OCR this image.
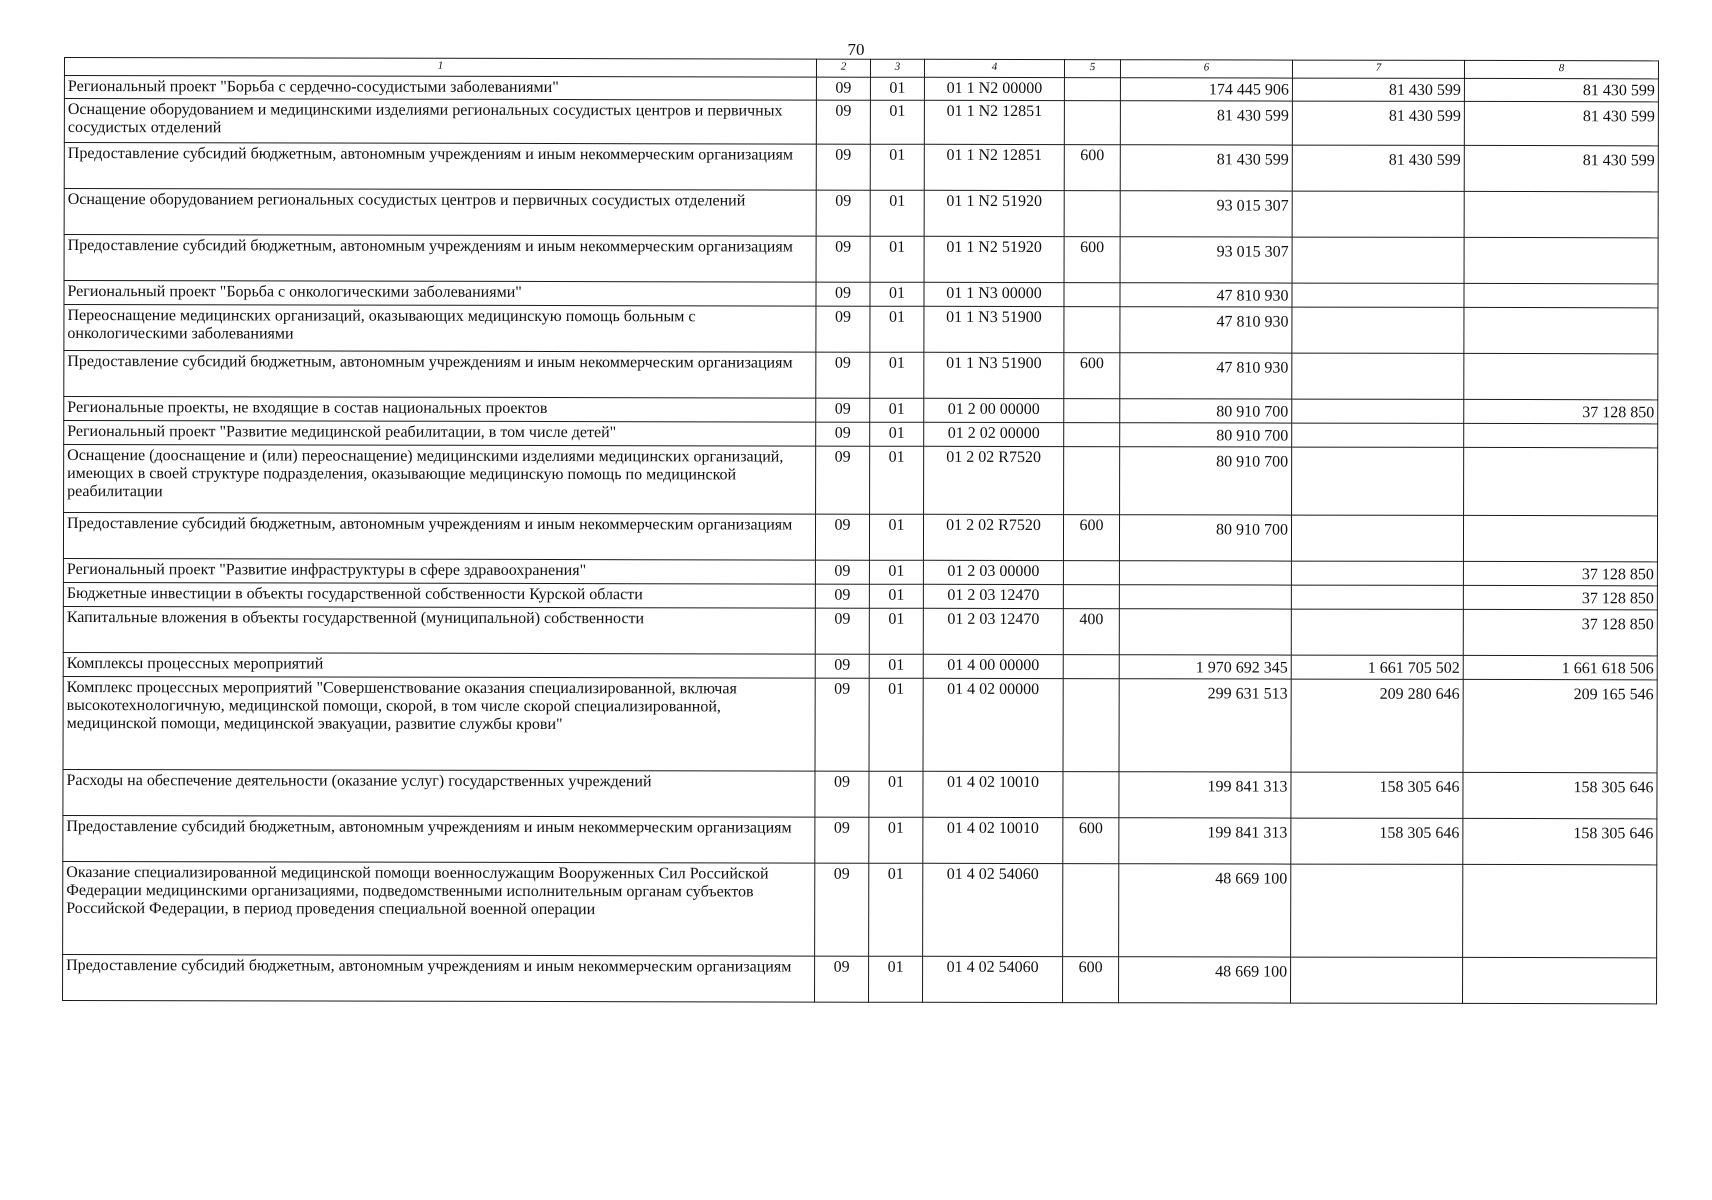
70
1	2	3	4	5	6	7	8
Региональный проект "Борьба с сердечно-сосудистыми заболеваниями"	09	01	01 1 N2 00000		174 445 906	81 430 599	81 430 599
Оснащение оборудованием и медицинскими изделиями региональных сосудистых центров и первичных сосудистых отделений	09	01	01 1 N2 12851		81 430 599	81 430 599	81 430 599
Предоставление субсидий бюджетным, автономным учреждениям и иным некоммерческим организациям	09	01	01 1 N2 12851	600	81 430 599	81 430 599	81 430 599
Оснащение оборудованием региональных сосудистых центров и первичных сосудистых отделений	09	01	01 1 N2 51920		93 015 307		
Предоставление субсидий бюджетным, автономным учреждениям и иным некоммерческим организациям	09	01	01 1 N2 51920	600	93 015 307		
Региональный проект "Борьба с онкологическими заболеваниями"	09	01	01 1 N3 00000		47 810 930		
Переоснащение медицинских организаций, оказывающих медицинскую помощь больным с онкологическими заболеваниями	09	01	01 1 N3 51900		47 810 930		
Предоставление субсидий бюджетным, автономным учреждениям и иным некоммерческим организациям	09	01	01 1 N3 51900	600	47 810 930		
Региональные проекты, не входящие в состав национальных проектов	09	01	01 2 00 00000		80 910 700		37 128 850
Региональный проект "Развитие медицинской реабилитации, в том числе детей"	09	01	01 2 02 00000		80 910 700		
Оснащение (дооснащение и (или) переоснащение) медицинскими изделиями медицинских организаций, имеющих в своей структуре подразделения, оказывающие медицинскую помощь по медицинской реабилитации	09	01	01 2 02 R7520		80 910 700		
Предоставление субсидий бюджетным, автономным учреждениям и иным некоммерческим организациям	09	01	01 2 02 R7520	600	80 910 700		
Региональный проект "Развитие инфраструктуры в сфере здравоохранения"	09	01	01 2 03 00000				37 128 850
Бюджетные инвестиции в объекты государственной собственности Курской области	09	01	01 2 03 12470				37 128 850
Капитальные вложения в объекты государственной (муниципальной) собственности	09	01	01 2 03 12470	400			37 128 850
Комплексы процессных мероприятий	09	01	01 4 00 00000		1 970 692 345	1 661 705 502	1 661 618 506
Комплекс процессных мероприятий "Совершенствование оказания специализированной, включая высокотехнологичную, медицинской помощи, скорой, в том числе скорой специализированной, медицинской помощи, медицинской эвакуации, развитие службы крови"	09	01	01 4 02 00000		299 631 513	209 280 646	209 165 546
Расходы на обеспечение деятельности (оказание услуг) государственных учреждений	09	01	01 4 02 10010		199 841 313	158 305 646	158 305 646
Предоставление субсидий бюджетным, автономным учреждениям и иным некоммерческим организациям	09	01	01 4 02 10010	600	199 841 313	158 305 646	158 305 646
Оказание специализированной медицинской помощи военнослужащим Вооруженных Сил Российской Федерации медицинскими организациями, подведомственными исполнительным органам субъектов Российской Федерации, в период проведения специальной военной операции	09	01	01 4 02 54060		48 669 100		
Предоставление субсидий бюджетным, автономным учреждениям и иным некоммерческим организациям	09	01	01 4 02 54060	600	48 669 100		
